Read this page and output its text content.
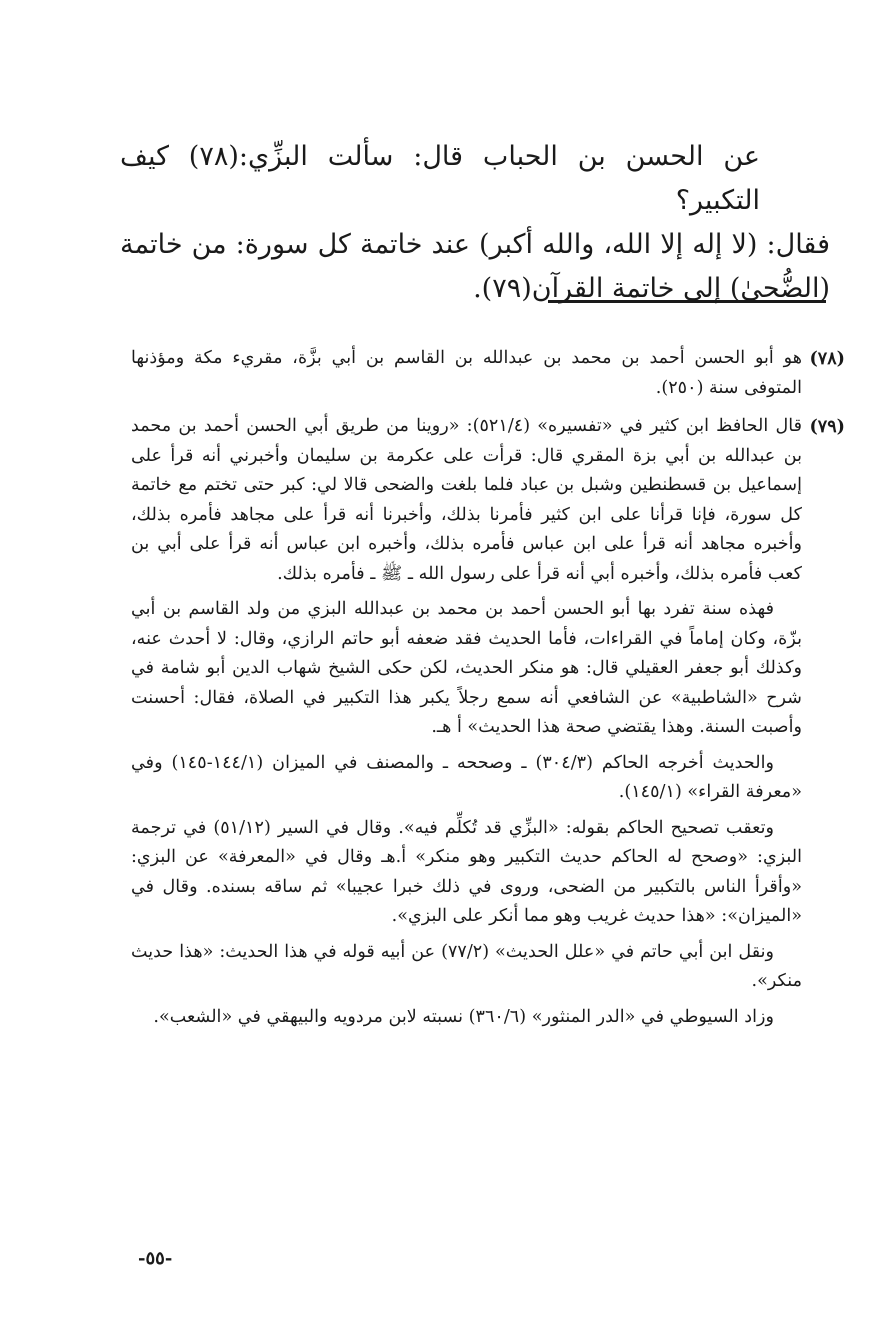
عن الحسن بن الحباب قال: سألت البزِّي:(٧٨) كيف التكبير؟

فقال: (لا إله إلا الله، والله أكبر) عند خاتمة كل سورة: من خاتمة (الضُّحىٰ) إلى خاتمة القرآن(٧٩).

(٧٨)

هو أبو الحسن أحمد بن محمد بن عبدالله بن القاسم بن أبي بزَّة، مقريء مكة ومؤذنها المتوفى سنة (٢٥٠).

(٧٩)

قال الحافظ ابن كثير في «تفسيره» (٥٢١/٤): «روينا من طريق أبي الحسن أحمد بن محمد بن عبدالله بن أبي بزة المقري قال: قرأت على عكرمة بن سليمان وأخبرني أنه قرأ على إسماعيل بن قسطنطين وشبل بن عباد فلما بلغت والضحى قالا لي: كبر حتى تختم مع خاتمة كل سورة، فإنا قرأنا على ابن كثير فأمرنا بذلك، وأخبرنا أنه قرأ على مجاهد فأمره بذلك، وأخبره مجاهد أنه قرأ على ابن عباس فأمره بذلك، وأخبره ابن عباس أنه قرأ على أبي بن كعب فأمره بذلك، وأخبره أبي أنه قرأ على رسول الله ـ ﷺ ـ فأمره بذلك.

فهذه سنة تفرد بها أبو الحسن أحمد بن محمد بن عبدالله البزي من ولد القاسم بن أبي بزّة، وكان إماماً في القراءات، فأما الحديث فقد ضعفه أبو حاتم الرازي، وقال: لا أحدث عنه، وكذلك أبو جعفر العقيلي قال: هو منكر الحديث، لكن حكى الشيخ شهاب الدين أبو شامة في شرح «الشاطبية» عن الشافعي أنه سمع رجلاً يكبر هذا التكبير في الصلاة، فقال: أحسنت وأصبت السنة. وهذا يقتضي صحة هذا الحديث» أ هـ.

والحديث أخرجه الحاكم (٣٠٤/٣) ـ وصححه ـ والمصنف في الميزان (١٤٤/١-١٤٥) وفي «معرفة القراء» (١٤٥/١).

وتعقب تصحيح الحاكم بقوله: «البزِّي قد تُكلِّم فيه». وقال في السير (٥١/١٢) في ترجمة البزي: «وصحح له الحاكم حديث التكبير وهو منكر» أ.هـ وقال في «المعرفة» عن البزي: «وأقرأ الناس بالتكبير من الضحى، وروى في ذلك خبرا عجيبا» ثم ساقه بسنده. وقال في «الميزان»: «هذا حديث غريب وهو مما أنكر على البزي».

ونقل ابن أبي حاتم في «علل الحديث» (٧٧/٢) عن أبيه قوله في هذا الحديث: «هذا حديث منكر».

وزاد السيوطي في «الدر المنثور» (٣٦٠/٦) نسبته لابن مردويه والبيهقي في «الشعب».

-٥٥-
